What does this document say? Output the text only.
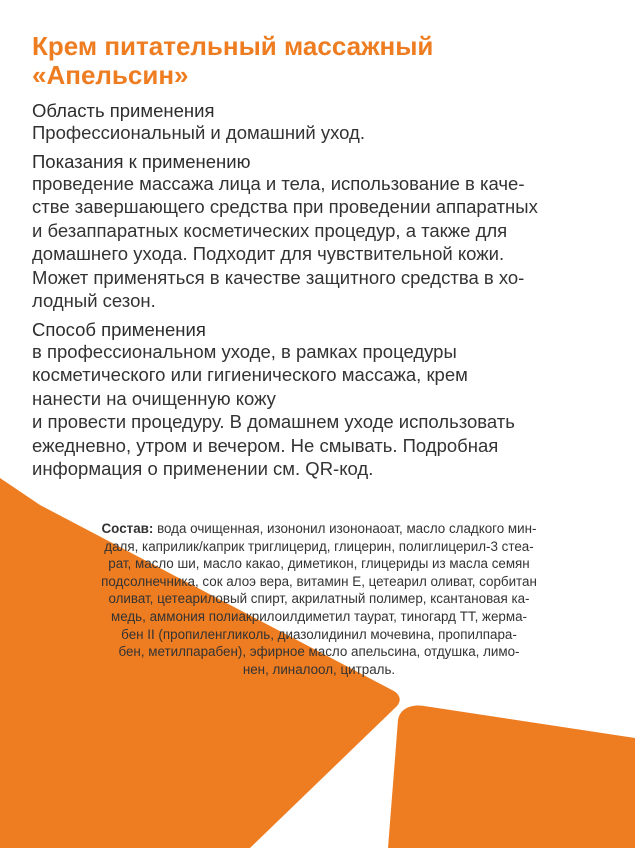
Крем питательный массажный
«Апельсин»

Область применения

Профессиональный и домашний уход.

Показания к применению

проведение массажа лица и тела, использование в каче-
стве завершающего средства при проведении аппаратных
и безаппаратных косметических процедур, а также для
домашнего ухода. Подходит для чувствительной кожи.
Может применяться в качестве защитного средства в хо-
лодный сезон.

Способ применения

в профессиональном уходе, в рамках процедуры
косметического или гигиенического массажа, крем
нанести на очищенную кожу
и провести процедуру. В домашнем уходе использовать
ежедневно, утром и вечером. Не смывать. Подробная
информация о применении см. QR-код.

Состав: вода очищенная, изононил изононаоат, масло сладкого мин-
даля, каприлик/каприк триглицерид, глицерин, полиглицерил-3 стеа-
рат, масло ши, масло какао, диметикон, глицериды из масла семян
подсолнечника, сок алоэ вера, витамин Е, цетеарил оливат, сорбитан
оливат, цетеариловый спирт, акрилатный полимер, ксантановая ка-
медь, аммония полиакрилоилдиметил таурат, тиногард ТТ, жерма-
бен II (пропиленгликоль, диазолидинил мочевина, пропилпара-
бен, метилпарабен), эфирное масло апельсина, отдушка, лимо-
нен, линалоол, цитраль.
